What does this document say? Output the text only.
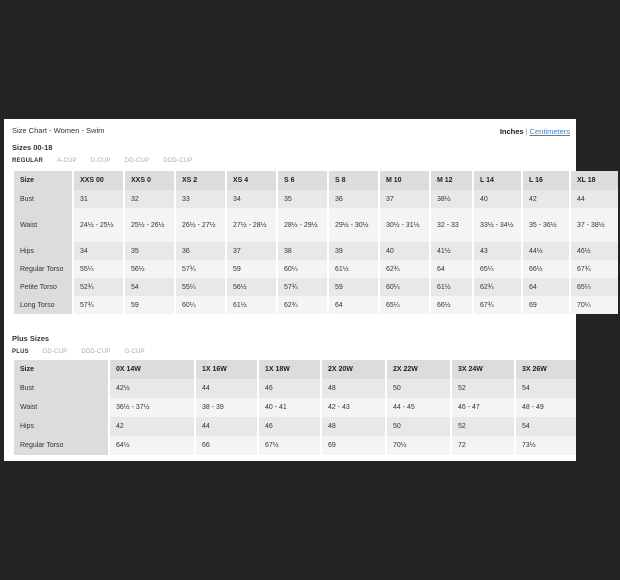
Size Chart - Women - Swim	Inches | Centimeters
Sizes 00-18
REGULAR A-CUP D-CUP DD-CUP DDD-CUP
Size	XXS 00	XXS 0	XS 2	XS 4	S 6	S 8	M 10	M 12	L 14	L 16	XL 18
Bust	31	32	33	34	35	36	37	38½	40	42	44
Waist	24½ - 25½	25½ - 26½	26½ - 27½	27½ - 28½	28½ - 29½	29½ - 30½	30½ - 31½	32 - 33	33½ - 34½	35 - 36½	37 - 38½
Hips	34	35	36	37	38	39	40	41½	43	44½	46½
Regular Torso	55¼	56½	57¾	59	60¼	61½	62¾	64	65¼	66½	67¾
Petite Torso	52¾	54	55¼	56½	57¾	59	60¼	61½	62¾	64	65¼
Long Torso	57¾	59	60¼	61½	62¾	64	65¼	66½	67¾	69	70¼
Plus Sizes
PLUS DD-CUP DDD-CUP G-CUP
Size	0X 14W	1X 16W	1X 18W	2X 20W	2X 22W	3X 24W	3X 26W
Bust	42½	44	46	48	50	52	54
Waist	36½ - 37½	38 - 39	40 - 41	42 - 43	44 - 45	46 - 47	48 - 49
Hips	42	44	46	48	50	52	54
Regular Torso	64½	66	67½	69	70½	72	73½
